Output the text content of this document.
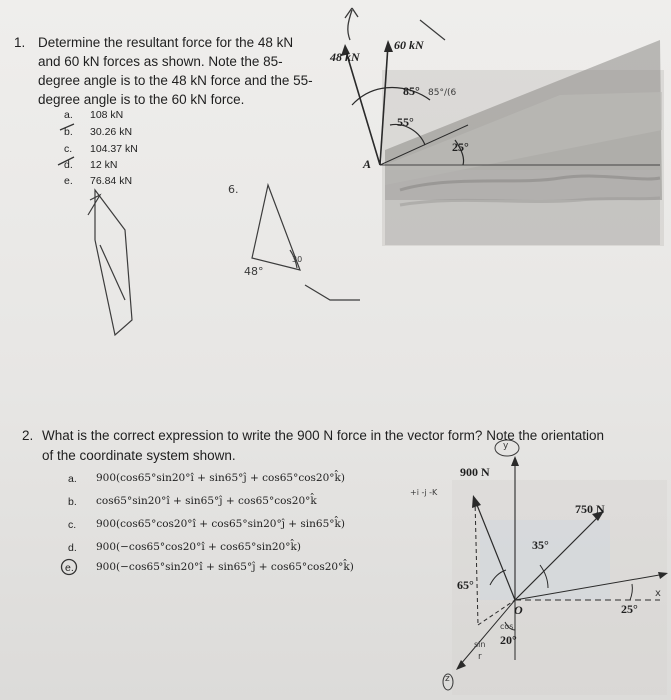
1. Determine the resultant force for the 48 kN
and 60 kN forces as shown. Note the 85-
degree angle is to the 48 kN force and the 55-
degree angle is to the 60 kN force.
a. 108 kN
b. 30.26 kN
c. 104.37 kN
d. 12 kN
e. 76.84 kN
48 kN
60 kN
85°
55°
25°
A
6.
48°
30
85°/(6
+i -j -K
y
x
cos
sin
z
r
2. What is the correct expression to write the 900 N force in the vector form? Note the orientation
of the coordinate system shown.
a. 900(cos65°sin20°î + sin65°ĵ + cos65°cos20°k̂)
b. cos65°sin20°î + sin65°ĵ + cos65°cos20°k̂
c. 900(cos65°cos20°î + cos65°sin20°ĵ + sin65°k̂)
d. 900(−cos65°cos20°î + cos65°sin20°k̂)
e. 900(−cos65°sin20°î + sin65°ĵ + cos65°cos20°k̂)
900 N
750 N
35°
65°
25°
20°
O
